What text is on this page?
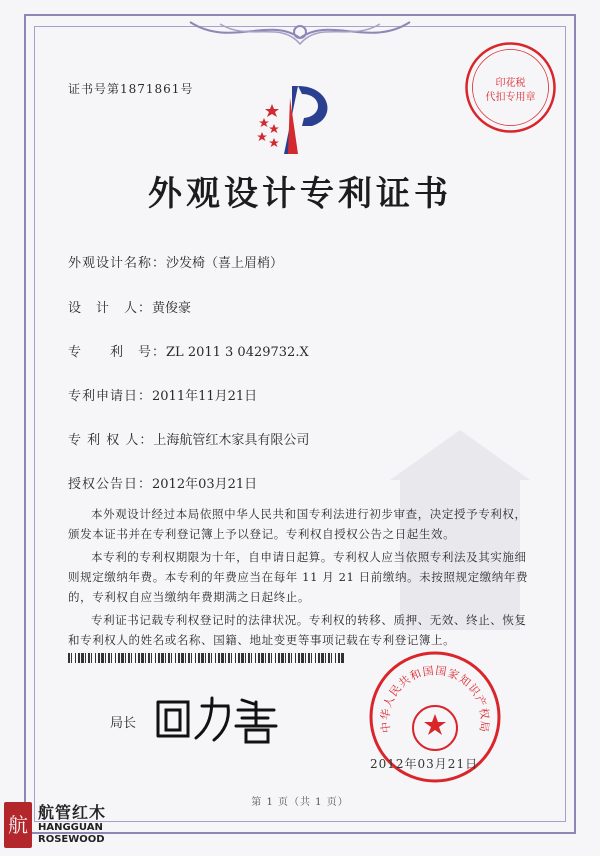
证书号第1871861号	印花税
代扣专用章
外观设计专利证书
外观设计名称：沙发椅（喜上眉梢）
设　计　人：黄俊豪
专　　利　号：ZL 2011 3 0429732.X
专利申请日：2011年11月21日
专 利 权 人：上海航管红木家具有限公司
授权公告日：2012年03月21日

本外观设计经过本局依照中华人民共和国专利法进行初步审查，决定授予专利权，颁发本证书并在专利登记簿上予以登记。专利权自授权公告之日起生效。

本专利的专利权期限为十年，自申请日起算。专利权人应当依照专利法及其实施细则规定缴纳年费。本专利的年费应当在每年 11 月 21 日前缴纳。未按照规定缴纳年费的，专利权自应当缴纳年费期满之日起终止。

专利证书记载专利权登记时的法律状况。专利权的转移、质押、无效、终止、恢复和专利权人的姓名或名称、国籍、地址变更等事项记载在专利登记簿上。

局长	中华人民共和国国家知识产权局
2012年03月21日
第 1 页（共 1 页）
航
航管红木
HANGGUAN
ROSEWOOD
